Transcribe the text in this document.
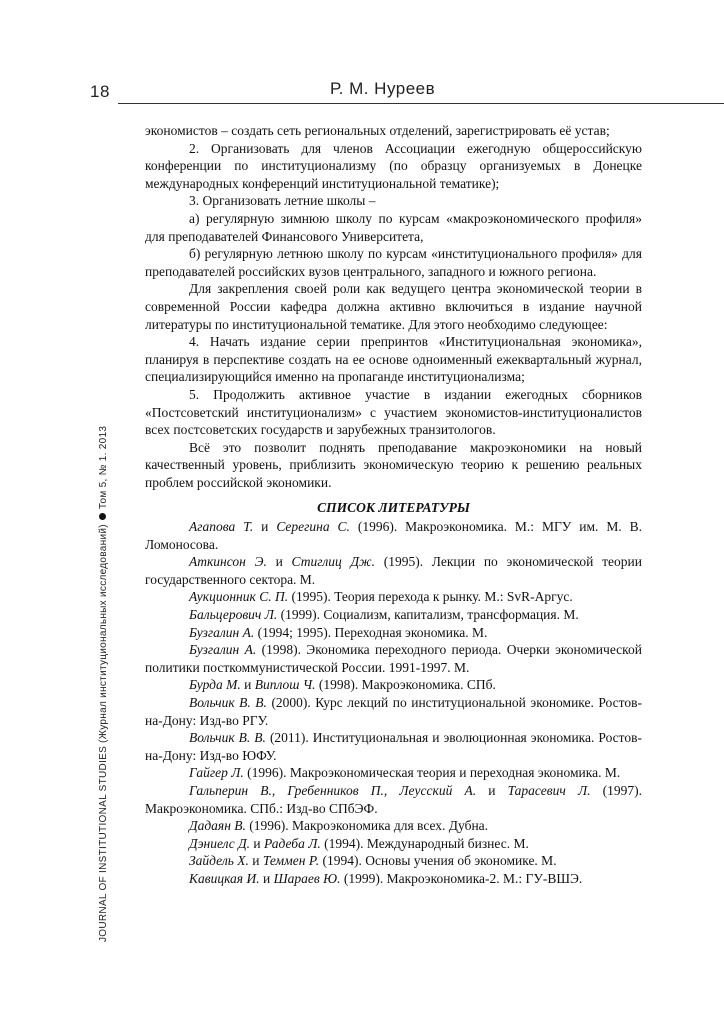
18	Р. М. Нуреев
JOURNAL OF INSTITUTIONAL STUDIES (Журнал институциональных исследований)Том 5, № 1. 2013

экономистов – создать сеть региональных отделений, зарегистрировать её устав;

2. Организовать для членов Ассоциации ежегодную общероссийскую конференции по институционализму (по образцу организуемых в Донецке международных конференций институциональной тематике);

3. Организовать летние школы –

а) регулярную зимнюю школу по курсам «макроэкономического профиля» для преподавателей Финансового Университета,

б) регулярную летнюю школу по курсам «институционального профиля» для преподавателей российских вузов центрального, западного и южного региона.

Для закрепления своей роли как ведущего центра экономической теории в современной России кафедра должна активно включиться в издание научной литературы по институциональной тематике. Для этого необходимо следующее:

4. Начать издание серии препринтов «Институциональная экономика», планируя в перспективе создать на ее основе одноименный ежеквартальный журнал, специализирующийся именно на пропаганде институционализма;

5. Продолжить активное участие в издании ежегодных сборников «Постсоветский институционализм» с участием экономистов-институционалистов всех постсоветских государств и зарубежных транзитологов.

Всё это позволит поднять преподавание макроэкономики на новый качественный уровень, приблизить экономическую теорию к решению реальных проблем российской экономики.

СПИСОК ЛИТЕРАТУРЫ

Агапова Т. и Серегина С. (1996). Макроэкономика. М.: МГУ им. М. В. Ломоносова.

Аткинсон Э. и Стиглиц Дж. (1995). Лекции по экономической теории государственного сектора. М.

Аукционник С. П. (1995). Теория перехода к рынку. М.: SvR-Аргус.

Бальцерович Л. (1999). Социализм, капитализм, трансформация. М.

Бузгалин А. (1994; 1995). Переходная экономика. М.

Бузгалин А. (1998). Экономика переходного периода. Очерки экономической политики посткоммунистической России. 1991-1997. М.

Бурда М. и Виплош Ч. (1998). Макроэкономика. СПб.

Вольчик В. В. (2000). Курс лекций по институциональной экономике. Ростов-на-Дону: Изд-во РГУ.

Вольчик В. В. (2011). Институциональная и эволюционная экономика. Ростов-на-Дону: Изд-во ЮФУ.

Гайгер Л. (1996). Макроэкономическая теория и переходная экономика. М.

Гальперин В., Гребенников П., Леусский А. и Тарасевич Л. (1997). Макроэкономика. СПб.: Изд-во СПбЭФ.

Дадаян В. (1996). Макроэкономика для всех. Дубна.

Дэниелс Д. и Радеба Л. (1994). Международный бизнес. М.

Зайдель Х. и Теммен Р. (1994). Основы учения об экономике. М.

Кавицкая И. и Шараев Ю. (1999). Макроэкономика-2. М.: ГУ-ВШЭ.
